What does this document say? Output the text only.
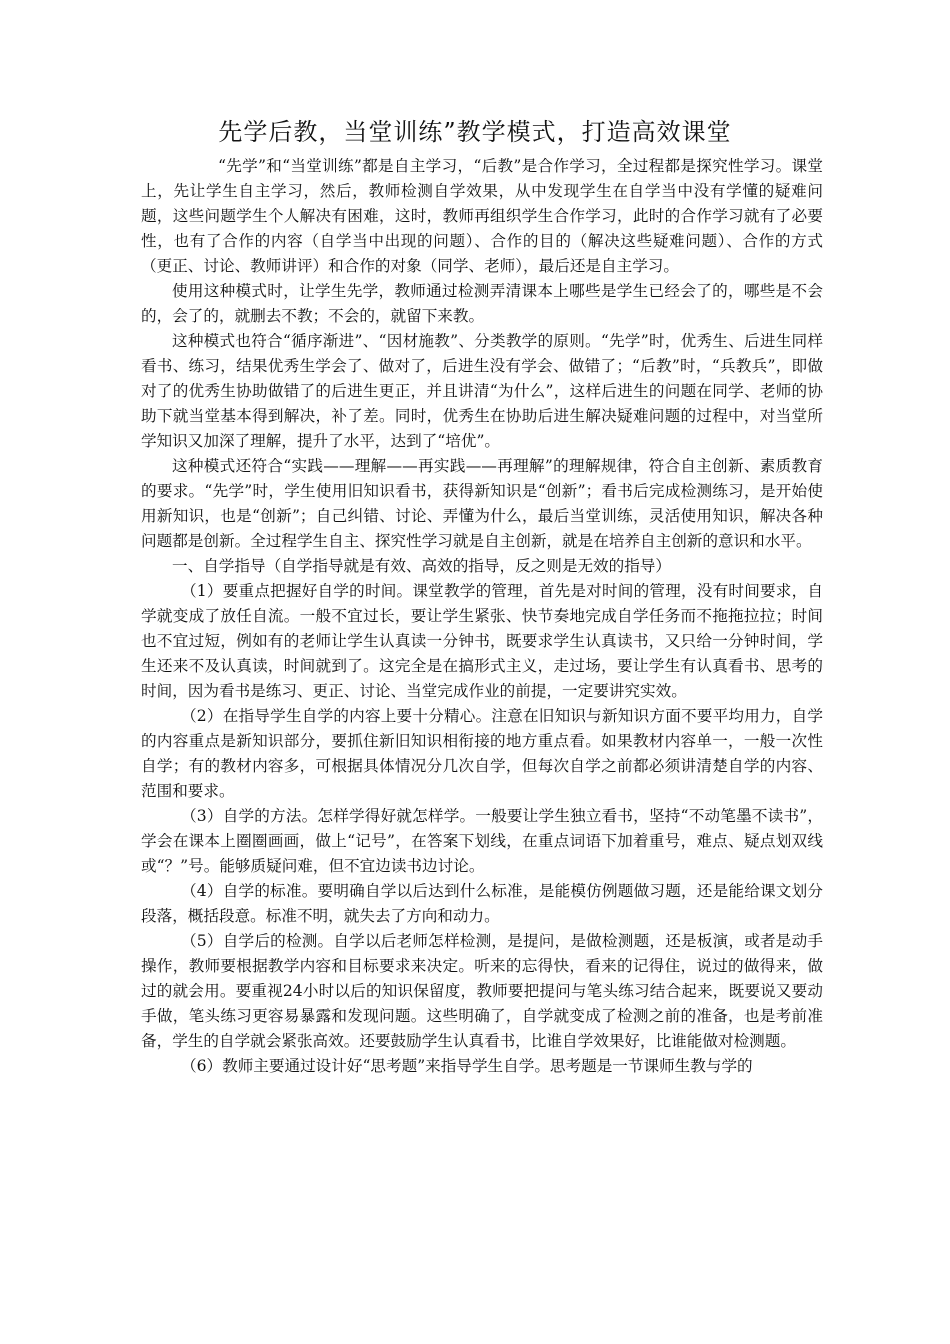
先学后教，当堂训练”教学模式，打造高效课堂

“先学”和“当堂训练”都是自主学习，“后教”是合作学习，全过程都是探究性学习。课堂上，先让学生自主学习，然后，教师检测自学效果，从中发现学生在自学当中没有学懂的疑难问题，这些问题学生个人解决有困难，这时，教师再组织学生合作学习，此时的合作学习就有了必要性，也有了合作的内容（自学当中出现的问题）、合作的目的（解决这些疑难问题）、合作的方式（更正、讨论、教师讲评）和合作的对象（同学、老师），最后还是自主学习。

使用这种模式时，让学生先学，教师通过检测弄清课本上哪些是学生已经会了的，哪些是不会的，会了的，就删去不教；不会的，就留下来教。

这种模式也符合“循序渐进”、“因材施教”、分类教学的原则。“先学”时，优秀生、后进生同样看书、练习，结果优秀生学会了、做对了，后进生没有学会、做错了；“后教”时，“兵教兵”，即做对了的优秀生协助做错了的后进生更正，并且讲清“为什么”，这样后进生的问题在同学、老师的协助下就当堂基本得到解决，补了差。同时，优秀生在协助后进生解决疑难问题的过程中，对当堂所学知识又加深了理解，提升了水平，达到了“培优”。

这种模式还符合“实践——理解——再实践——再理解”的理解规律，符合自主创新、素质教育的要求。“先学”时，学生使用旧知识看书，获得新知识是“创新”；看书后完成检测练习，是开始使用新知识，也是“创新”；自己纠错、讨论、弄懂为什么，最后当堂训练，灵活使用知识，解决各种问题都是创新。全过程学生自主、探究性学习就是自主创新，就是在培养自主创新的意识和水平。

一、自学指导（自学指导就是有效、高效的指导，反之则是无效的指导）

（1）要重点把握好自学的时间。课堂教学的管理，首先是对时间的管理，没有时间要求，自学就变成了放任自流。一般不宜过长，要让学生紧张、快节奏地完成自学任务而不拖拖拉拉；时间也不宜过短，例如有的老师让学生认真读一分钟书，既要求学生认真读书，又只给一分钟时间，学生还来不及认真读，时间就到了。这完全是在搞形式主义，走过场，要让学生有认真看书、思考的时间，因为看书是练习、更正、讨论、当堂完成作业的前提，一定要讲究实效。

（2）在指导学生自学的内容上要十分精心。注意在旧知识与新知识方面不要平均用力，自学的内容重点是新知识部分，要抓住新旧知识相衔接的地方重点看。如果教材内容单一，一般一次性自学；有的教材内容多，可根据具体情况分几次自学，但每次自学之前都必须讲清楚自学的内容、范围和要求。

（3）自学的方法。怎样学得好就怎样学。一般要让学生独立看书，坚持“不动笔墨不读书”，学会在课本上圈圈画画，做上“记号”，在答案下划线，在重点词语下加着重号，难点、疑点划双线或“？”号。能够质疑问难，但不宜边读书边讨论。

（4）自学的标准。要明确自学以后达到什么标准，是能模仿例题做习题，还是能给课文划分段落，概括段意。标准不明，就失去了方向和动力。

（5）自学后的检测。自学以后老师怎样检测，是提问，是做检测题，还是板演，或者是动手操作，教师要根据教学内容和目标要求来决定。听来的忘得快，看来的记得住，说过的做得来，做过的就会用。要重视24小时以后的知识保留度，教师要把提问与笔头练习结合起来，既要说又要动手做，笔头练习更容易暴露和发现问题。这些明确了，自学就变成了检测之前的准备，也是考前准备，学生的自学就会紧张高效。还要鼓励学生认真看书，比谁自学效果好，比谁能做对检测题。

（6）教师主要通过设计好“思考题”来指导学生自学。思考题是一节课师生教与学的
